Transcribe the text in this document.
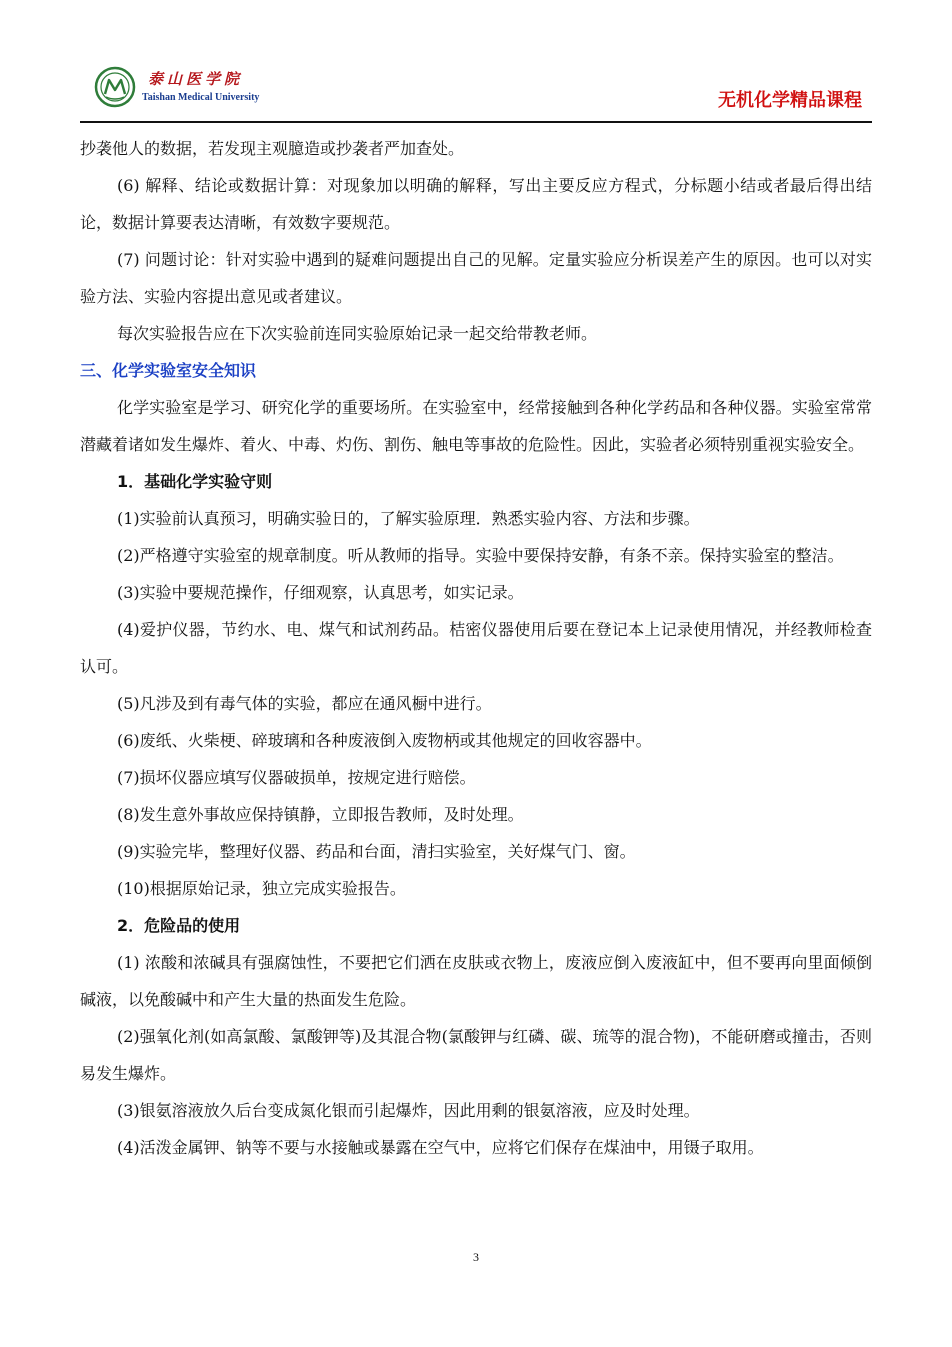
泰山医学院
Taishan Medical University	无机化学精品课程

抄袭他人的数据，若发现主观臆造或抄袭者严加查处。

(6) 解释、结论或数据计算：对现象加以明确的解释，写出主要反应方程式，分标题小结或者最后得出结论，数据计算要表达清晰，有效数字要规范。

(7) 问题讨论：针对实验中遇到的疑难问题提出自己的见解。定量实验应分析误差产生的原因。也可以对实验方法、实验内容提出意见或者建议。

每次实验报告应在下次实验前连同实验原始记录一起交给带教老师。

三、化学实验室安全知识

化学实验室是学习、研究化学的重要场所。在实验室中，经常接触到各种化学药品和各种仪器。实验室常常潜藏着诸如发生爆炸、着火、中毒、灼伤、割伤、触电等事故的危险性。因此，实验者必须特别重视实验安全。

1．基础化学实验守则

(1)实验前认真预习，明确实验日的，了解实验原理．熟悉实验内容、方法和步骤。

(2)严格遵守实验室的规章制度。听从教师的指导。实验中要保持安静，有条不亲。保持实验室的整洁。

(3)实验中要规范操作，仔细观察，认真思考，如实记录。

(4)爱护仪器，节约水、电、煤气和试剂药品。桔密仪器使用后要在登记本上记录使用情况，并经教师检查认可。

(5)凡涉及到有毒气体的实验，都应在通风橱中进行。

(6)废纸、火柴梗、碎玻璃和各种废液倒入废物柄或其他规定的回收容器中。

(7)损坏仪器应填写仪器破损单，按规定进行赔偿。

(8)发生意外事故应保持镇静，立即报告教师，及时处理。

(9)实验完毕，整理好仪器、药品和台面，清扫实验室，关好煤气门、窗。

(10)根据原始记录，独立完成实验报告。

2．危险品的使用

(1) 浓酸和浓碱具有强腐蚀性，不要把它们洒在皮肤或衣物上，废液应倒入废液缸中，但不要再向里面倾倒碱液，以免酸碱中和产生大量的热面发生危险。

(2)强氧化剂(如高氯酸、氯酸钾等)及其混合物(氯酸钾与红磷、碳、琉等的混合物)，不能研磨或撞击，否则易发生爆炸。

(3)银氨溶液放久后台变成氮化银而引起爆炸，因此用剩的银氨溶液，应及时处理。

(4)活泼金属钾、钠等不要与水接触或暴露在空气中，应将它们保存在煤油中，用镊子取用。

3
